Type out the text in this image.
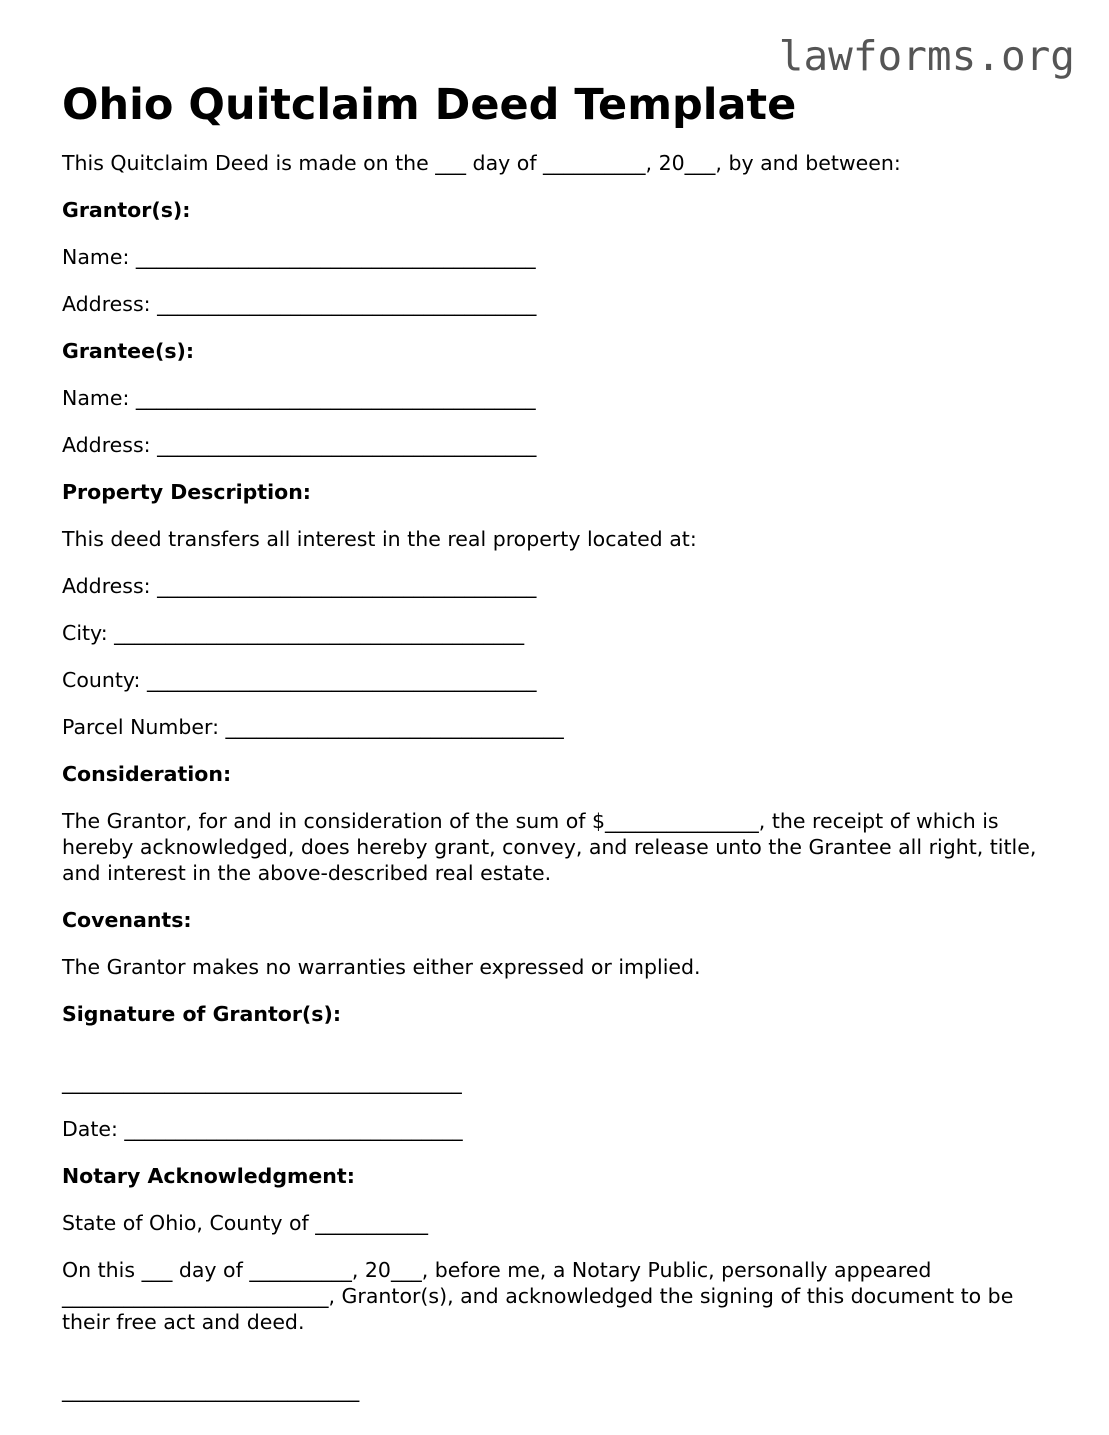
lawforms.org
Ohio Quitclaim Deed Template

This Quitclaim Deed is made on the ___ day of __________, 20___, by and between:

Grantor(s):

Name: _______________________________________

Address: _____________________________________

Grantee(s):

Name: _______________________________________

Address: _____________________________________

Property Description:

This deed transfers all interest in the real property located at:

Address: _____________________________________

City: ________________________________________

County: ______________________________________

Parcel Number: _________________________________

Consideration:

The Grantor, for and in consideration of the sum of $_______________, the receipt of which is hereby acknowledged, does hereby grant, convey, and release unto the Grantee all right, title, and interest in the above-described real estate.

Covenants:

The Grantor makes no warranties either expressed or implied.

Signature of Grantor(s):

_______________________________________

Date: _________________________________

Notary Acknowledgment:

State of Ohio, County of ___________

On this ___ day of __________, 20___, before me, a Notary Public, personally appeared __________________________, Grantor(s), and acknowledged the signing of this document to be their free act and deed.

_____________________________
